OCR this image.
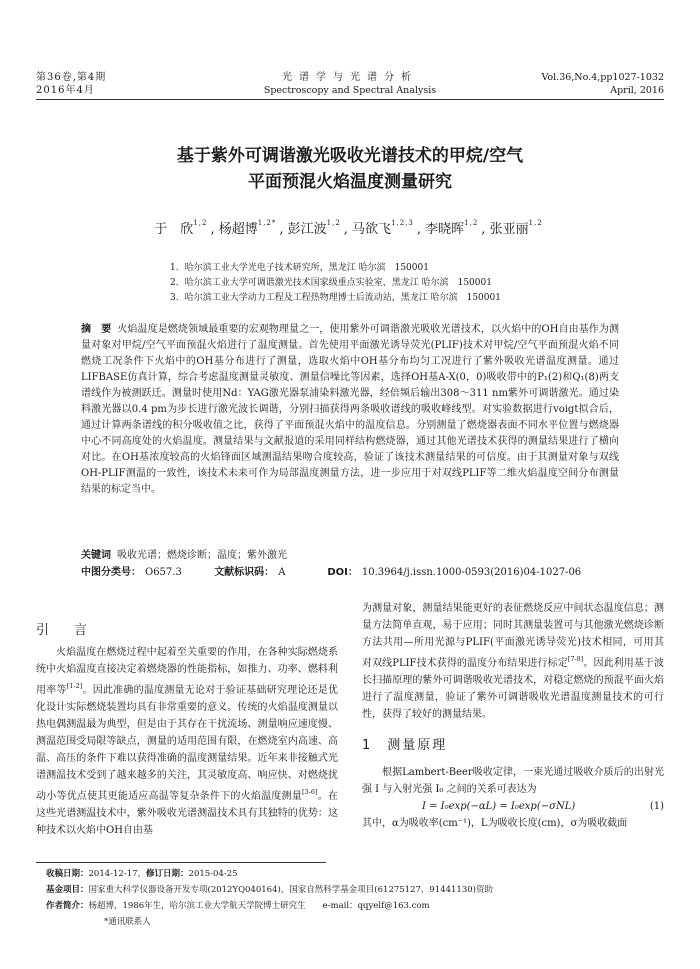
第36卷,第4期
2016年4月
光谱学与光谱分析
Spectroscopy and Spectral Analysis
Vol.36,No.4,pp1027-1032
April, 2016
基于紫外可调谐激光吸收光谱技术的甲烷/空气
平面预混火焰温度测量研究
于　欣$^{1,2}$ , 杨超博$^{1,2*}$ , 彭江波$^{1,2}$ , 马欲飞$^{1,2,3}$ , 李晓晖$^{1,2}$ , 张亚丽$^{1,2}$
1．哈尔滨工业大学光电子技术研究所，黑龙江 哈尔滨　150001
2．哈尔滨工业大学可调谐激光技术国家级重点实验室，黑龙江 哈尔滨　150001
3．哈尔滨工业大学动力工程及工程热物理博士后流动站，黑龙江 哈尔滨　150001
摘　要 火焰温度是燃烧领域最重要的宏观物理量之一，使用紫外可调谐激光吸收光谱技术，以火焰中的OH自由基作为测量对象对甲烷/空气平面预混火焰进行了温度测量。首先使用平面激光诱导荧光(PLIF)技术对甲烷/空气平面预混火焰不同燃烧工况条件下火焰中的OH基分布进行了测量，选取火焰中OH基分布均匀工况进行了紫外吸收光谱温度测量。通过LIFBASE仿真计算，综合考虑温度测量灵敏度、测量信噪比等因素，选择OH基A-X(0，0)吸收带中的P₁(2)和Q₁(8)两支谱线作为被测跃迁。测量时使用Nd：YAG激光器泵浦染料激光器，经倍频后输出308～311 nm紫外可调谐激光。通过染料激光器以0.4 pm为步长进行激光波长调谐，分别扫描获得两条吸收谱线的吸收峰线型。对实验数据进行voigt拟合后，通过计算两条谱线的积分吸收值之比，获得了平面预混火焰中的温度信息。分别测量了燃烧器表面不同水平位置与燃烧器中心不同高度处的火焰温度。测量结果与文献报道的采用同样结构燃烧器，通过其他光谱技术获得的测量结果进行了横向对比。在OH基浓度较高的火焰锋面区域测温结果吻合度较高，验证了该技术测量结果的可信度。由于其测量对象与双线OH-PLIF测温的一致性，该技术未来可作为局部温度测量方法，进一步应用于对双线PLIF等二维火焰温度空间分布测量结果的标定当中。
关键词 吸收光谱；燃烧诊断；温度；紫外激光
中图分类号： O657.3	文献标识码： A	DOI： 10.3964/j.issn.1000-0593(2016)04-1027-06
引　言

火焰温度在燃烧过程中起着至关重要的作用，在各种实际燃烧系统中火焰温度直接决定着燃烧器的性能指标，如推力、功率、燃料利用率等[1-2]。因此准确的温度测量无论对于验证基础研究理论还是优化设计实际燃烧装置均具有非常重要的意义。传统的火焰温度测量以热电偶测温最为典型，但是由于其存在干扰流场、测量响应速度慢、测温范围受局限等缺点，测量的适用范围有限，在燃烧室内高速、高温、高压的条件下难以获得准确的温度测量结果。近年来非接触式光谱测温技术受到了越来越多的关注，其灵敏度高、响应快、对燃烧扰动小等优点使其更能适应高温等复杂条件下的火焰温度测量[3-6]。在这些光谱测温技术中，紫外吸收光谱测温技术具有其独特的优势：这种技术以火焰中OH自由基

为测量对象，测量结果能更好的表征燃烧反应中间状态温度信息；测量方法简单直观，易于应用；同时其测量装置可与其他激光燃烧诊断方法共用—所用光源与PLIF(平面激光诱导荧光)技术相同，可用其对双线PLIF技术获得的温度分布结果进行标定[7-8]。因此利用基于波长扫描原理的紫外可调谐吸收光谱技术，对稳定燃烧的预混平面火焰进行了温度测量，验证了紫外可调谐吸收光谱温度测量技术的可行性，获得了较好的测量结果。

1　测量原理

根据Lambert-Beer吸收定律，一束光通过吸收介质后的出射光强 I 与入射光强 I₀ 之间的关系可表达为

I = I₀exp(−αL) = I₀exp(−σNL)	(1)

其中，α为吸收率(cm⁻¹)，L为吸收长度(cm)，σ为吸收截面

收稿日期：2014-12-17，修订日期：2015-04-25
基金项目：国家重大科学仪器设备开发专项(2012YQ040164)，国家自然科学基金项目(61275127，91441130)资助
作者简介：杨超博，1986年生，哈尔滨工业大学航天学院博士研究生　　e-mail：qqyelf@163.com
*通讯联系人
